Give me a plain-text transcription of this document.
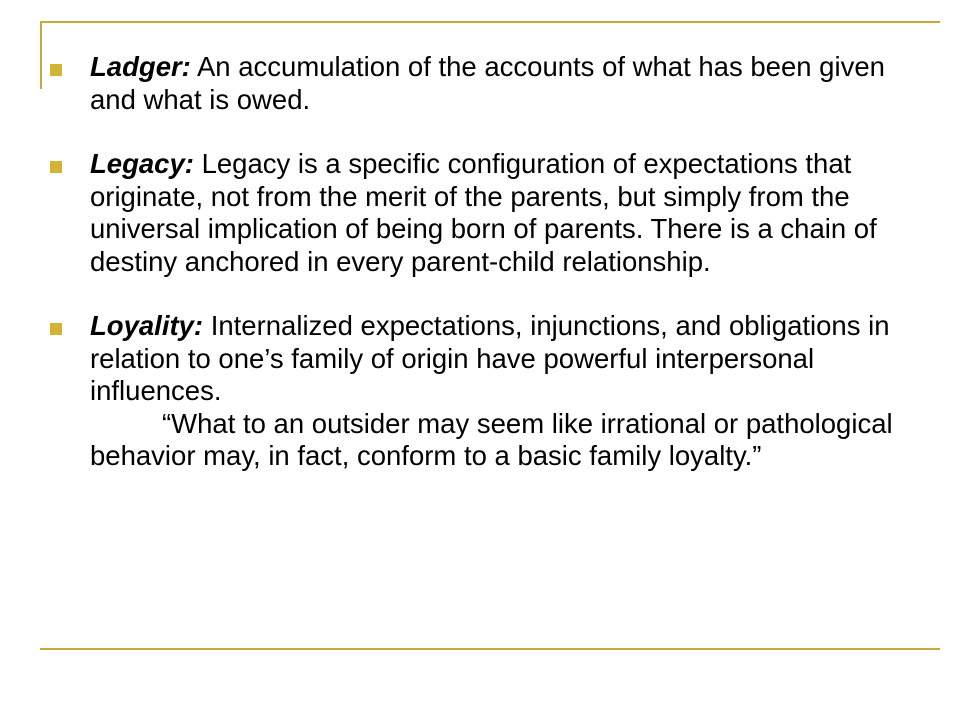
Ladger: An accumulation of the accounts of what has been given and what is owed.
Legacy: Legacy is a specific configuration of expectations that originate, not from the merit of the parents, but simply from the universal implication of being born of parents. There is a chain of destiny anchored in every parent-child relationship.
Loyality: Internalized expectations, injunctions, and obligations in relation to one’s family of origin have powerful interpersonal influences.
“What to an outsider may seem like irrational or pathological behavior may, in fact, conform to a basic family loyalty.”
